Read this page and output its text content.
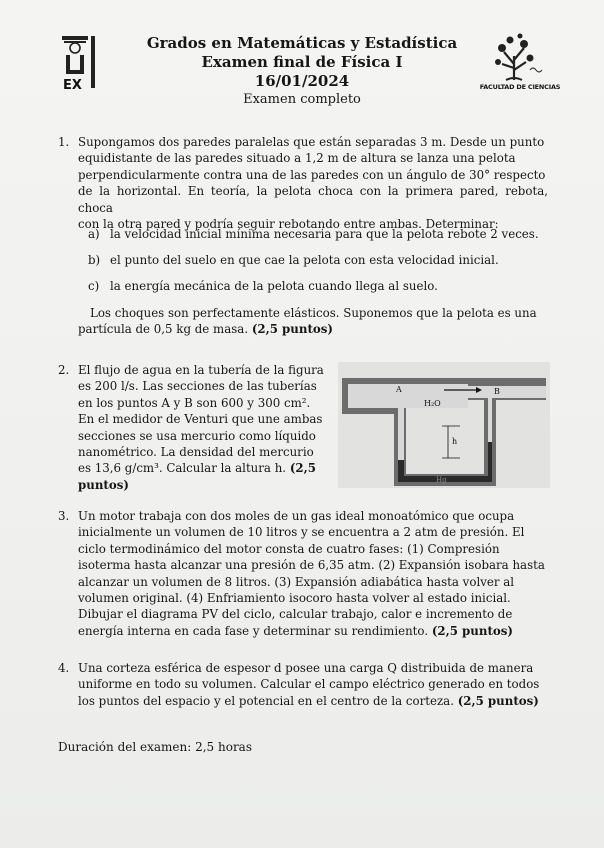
EX
Grados en Matemáticas y Estadística
Examen final de Física I
16/01/2024
Examen completo
FACULTAD DE CIENCIAS
1. Supongamos dos paredes paralelas que están separadas 3 m. Desde un punto
equidistante de las paredes situado a 1,2 m de altura se lanza una pelota
perpendicularmente contra una de las paredes con un ángulo de 30° respecto
de la horizontal. En teoría, la pelota choca con la primera pared, rebota, choca
con la otra pared y podría seguir rebotando entre ambas. Determinar:
a) la velocidad inicial mínima necesaria para que la pelota rebote 2 veces.
b) el punto del suelo en que cae la pelota con esta velocidad inicial.
c) la energía mecánica de la pelota cuando llega al suelo.
Los choques son perfectamente elásticos. Suponemos que la pelota es una
partícula de 0,5 kg de masa. (2,5 puntos)
2. El flujo de agua en la tubería de la figura
es 200 l/s. Las secciones de las tuberías
en los puntos A y B son 600 y 300 cm².
En el medidor de Venturi que une ambas
secciones se usa mercurio como líquido
nanométrico. La densidad del mercurio
es 13,6 g/cm³. Calcular la altura h. (2,5
puntos)
A	B
H₂O
h
Hg
3. Un motor trabaja con dos moles de un gas ideal monoatómico que ocupa
inicialmente un volumen de 10 litros y se encuentra a 2 atm de presión. El
ciclo termodinámico del motor consta de cuatro fases: (1) Compresión
isoterma hasta alcanzar una presión de 6,35 atm. (2) Expansión isobara hasta
alcanzar un volumen de 8 litros. (3) Expansión adiabática hasta volver al
volumen original. (4) Enfriamiento isocoro hasta volver al estado inicial.
Dibujar el diagrama PV del ciclo, calcular trabajo, calor e incremento de
energía interna en cada fase y determinar su rendimiento. (2,5 puntos)
4. Una corteza esférica de espesor d posee una carga Q distribuida de manera
uniforme en todo su volumen. Calcular el campo eléctrico generado en todos
los puntos del espacio y el potencial en el centro de la corteza. (2,5 puntos)
Duración del examen: 2,5 horas
